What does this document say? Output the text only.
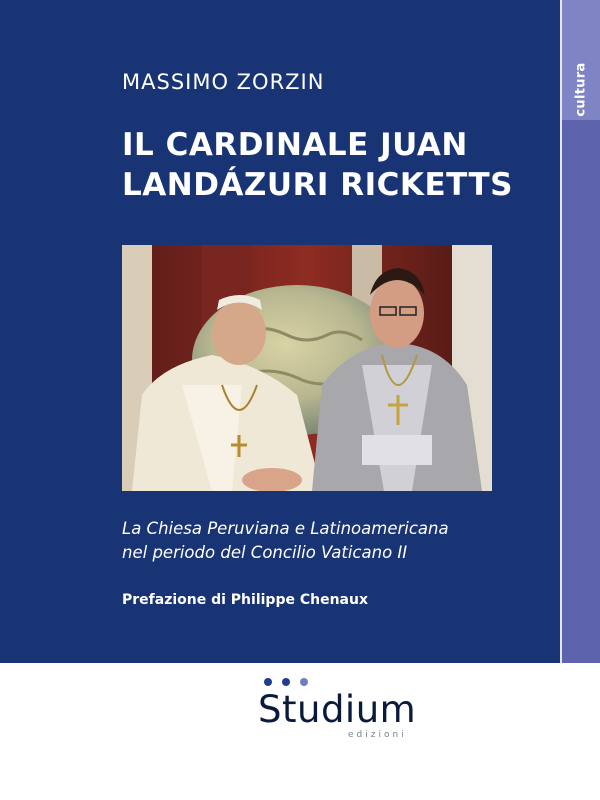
cultura
MASSIMO ZORZIN
IL CARDINALE JUAN
LANDÁZURI RICKETTS
La Chiesa Peruviana e Latinoamericana
nel periodo del Concilio Vaticano II
Prefazione di Philippe Chenaux
Studium
edizioni
